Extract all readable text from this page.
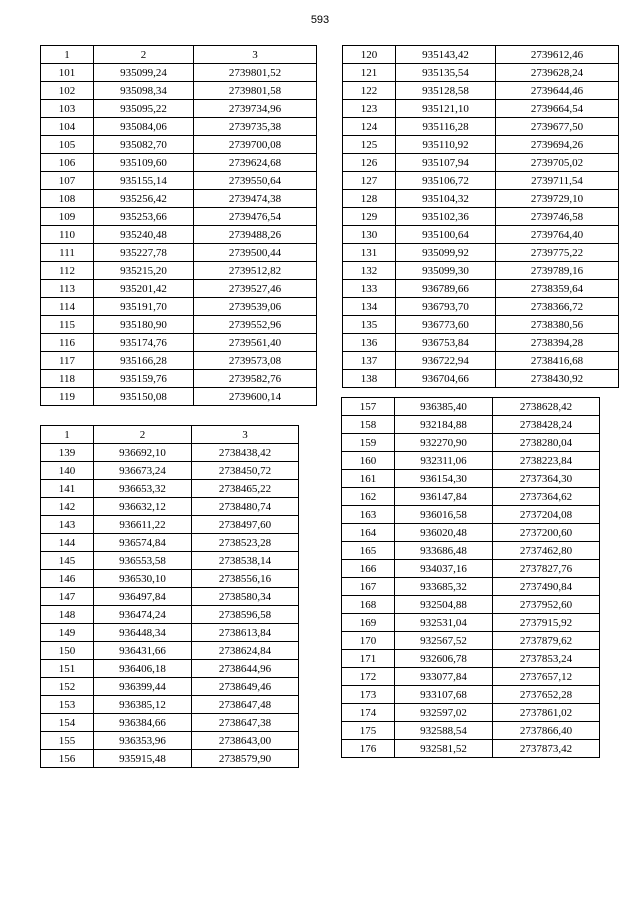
593
1	2	3
101	935099,24	2739801,52
102	935098,34	2739801,58
103	935095,22	2739734,96
104	935084,06	2739735,38
105	935082,70	2739700,08
106	935109,60	2739624,68
107	935155,14	2739550,64
108	935256,42	2739474,38
109	935253,66	2739476,54
110	935240,48	2739488,26
111	935227,78	2739500,44
112	935215,20	2739512,82
113	935201,42	2739527,46
114	935191,70	2739539,06
115	935180,90	2739552,96
116	935174,76	2739561,40
117	935166,28	2739573,08
118	935159,76	2739582,76
119	935150,08	2739600,14
120	935143,42	2739612,46
121	935135,54	2739628,24
122	935128,58	2739644,46
123	935121,10	2739664,54
124	935116,28	2739677,50
125	935110,92	2739694,26
126	935107,94	2739705,02
127	935106,72	2739711,54
128	935104,32	2739729,10
129	935102,36	2739746,58
130	935100,64	2739764,40
131	935099,92	2739775,22
132	935099,30	2739789,16
133	936789,66	2738359,64
134	936793,70	2738366,72
135	936773,60	2738380,56
136	936753,84	2738394,28
137	936722,94	2738416,68
138	936704,66	2738430,92
1	2	3
139	936692,10	2738438,42
140	936673,24	2738450,72
141	936653,32	2738465,22
142	936632,12	2738480,74
143	936611,22	2738497,60
144	936574,84	2738523,28
145	936553,58	2738538,14
146	936530,10	2738556,16
147	936497,84	2738580,34
148	936474,24	2738596,58
149	936448,34	2738613,84
150	936431,66	2738624,84
151	936406,18	2738644,96
152	936399,44	2738649,46
153	936385,12	2738647,48
154	936384,66	2738647,38
155	936353,96	2738643,00
156	935915,48	2738579,90
157	936385,40	2738628,42
158	932184,88	2738428,24
159	932270,90	2738280,04
160	932311,06	2738223,84
161	936154,30	2737364,30
162	936147,84	2737364,62
163	936016,58	2737204,08
164	936020,48	2737200,60
165	933686,48	2737462,80
166	934037,16	2737827,76
167	933685,32	2737490,84
168	932504,88	2737952,60
169	932531,04	2737915,92
170	932567,52	2737879,62
171	932606,78	2737853,24
172	933077,84	2737657,12
173	933107,68	2737652,28
174	932597,02	2737861,02
175	932588,54	2737866,40
176	932581,52	2737873,42
